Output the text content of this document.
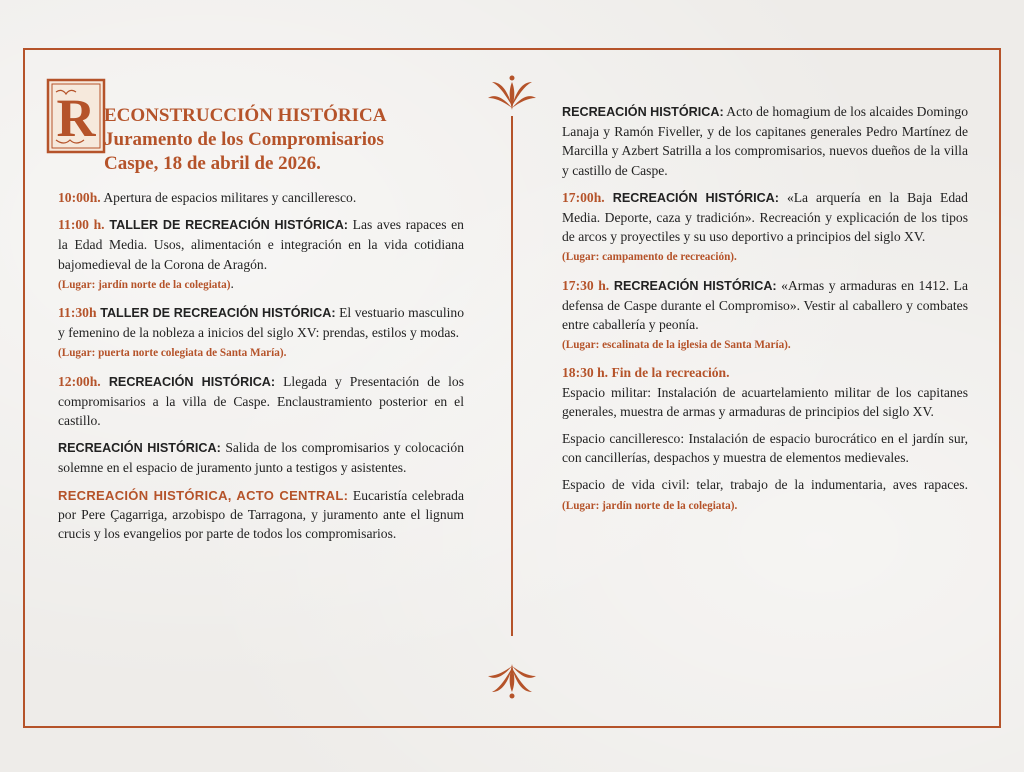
R ECONSTRUCCIÓN HISTÓRICA
Juramento de los Compromisarios
Caspe, 18 de abril de 2026.

10:00h. Apertura de espacios militares y cancilleresco.

11:00 h. TALLER DE RECREACIÓN HISTÓRICA: Las aves rapaces en la Edad Media. Usos, alimentación e integración en la vida cotidiana bajomedieval de la Corona de Aragón.
(Lugar: jardín norte de la colegiata).

11:30h TALLER DE RECREACIÓN HISTÓRICA: El vestuario masculino y femenino de la nobleza a inicios del siglo XV: prendas, estilos y modas.
(Lugar: puerta norte colegiata de Santa María).

12:00h. RECREACIÓN HISTÓRICA: Llegada y Presentación de los compromisarios a la villa de Caspe. Enclaustramiento posterior en el castillo.

RECREACIÓN HISTÓRICA: Salida de los compromisarios y colocación solemne en el espacio de juramento junto a testigos y asistentes.

RECREACIÓN HISTÓRICA, ACTO CENTRAL: Eucaristía celebrada por Pere Çagarriga, arzobispo de Tarragona, y juramento ante el lignum crucis y los evangelios por parte de todos los compromisarios.

RECREACIÓN HISTÓRICA: Acto de homagium de los alcaides Domingo Lanaja y Ramón Fiveller, y de los capitanes generales Pedro Martínez de Marcilla y Azbert Satrilla a los compromisarios, nuevos dueños de la villa y castillo de Caspe.

17:00h. RECREACIÓN HISTÓRICA: «La arquería en la Baja Edad Media. Deporte, caza y tradición». Recreación y explicación de los tipos de arcos y proyectiles y su uso deportivo a principios del siglo XV.
(Lugar: campamento de recreación).

17:30 h. RECREACIÓN HISTÓRICA: «Armas y armaduras en 1412. La defensa de Caspe durante el Compromiso». Vestir al caballero y combates entre caballería y peonía.
(Lugar: escalinata de la iglesia de Santa María).

18:30 h. Fin de la recreación.
Espacio militar: Instalación de acuartelamiento militar de los capitanes generales, muestra de armas y armaduras de principios del siglo XV.

Espacio cancilleresco: Instalación de espacio burocrático en el jardín sur, con cancillerías, despachos y muestra de elementos medievales.

Espacio de vida civil: telar, trabajo de la indumentaria, aves rapaces. (Lugar: jardín norte de la colegiata).
